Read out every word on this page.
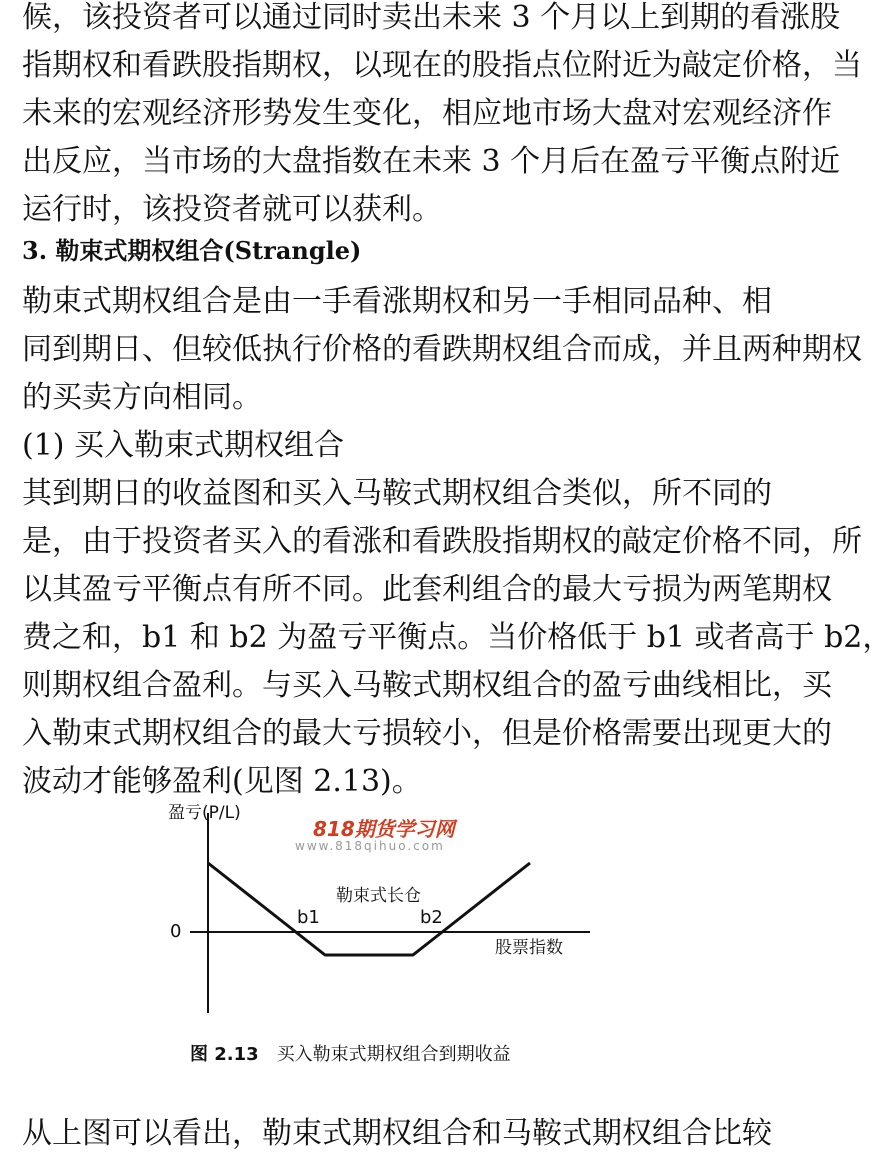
候，该投资者可以通过同时卖出未来 3 个月以上到期的看涨股
指期权和看跌股指期权，以现在的股指点位附近为敲定价格，当
未来的宏观经济形势发生变化，相应地市场大盘对宏观经济作
出反应，当市场的大盘指数在未来 3 个月后在盈亏平衡点附近
运行时，该投资者就可以获利。
3. 勒束式期权组合(Strangle)
勒束式期权组合是由一手看涨期权和另一手相同品种、相
同到期日、但较低执行价格的看跌期权组合而成，并且两种期权
的买卖方向相同。
(1) 买入勒束式期权组合
其到期日的收益图和买入马鞍式期权组合类似，所不同的
是，由于投资者买入的看涨和看跌股指期权的敲定价格不同，所
以其盈亏平衡点有所不同。此套利组合的最大亏损为两笔期权
费之和，b1 和 b2 为盈亏平衡点。当价格低于 b1 或者高于 b2，
则期权组合盈利。与买入马鞍式期权组合的盈亏曲线相比，买
入勒束式期权组合的最大亏损较小，但是价格需要出现更大的
波动才能够盈利(见图 2.13)。
818期货学习网
www.818qihuo.com
盈亏(P/L)
勒束式长仓
0
b1	b2
股票指数
图 2.13 买入勒束式期权组合到期收益
从上图可以看出，勒束式期权组合和马鞍式期权组合比较
